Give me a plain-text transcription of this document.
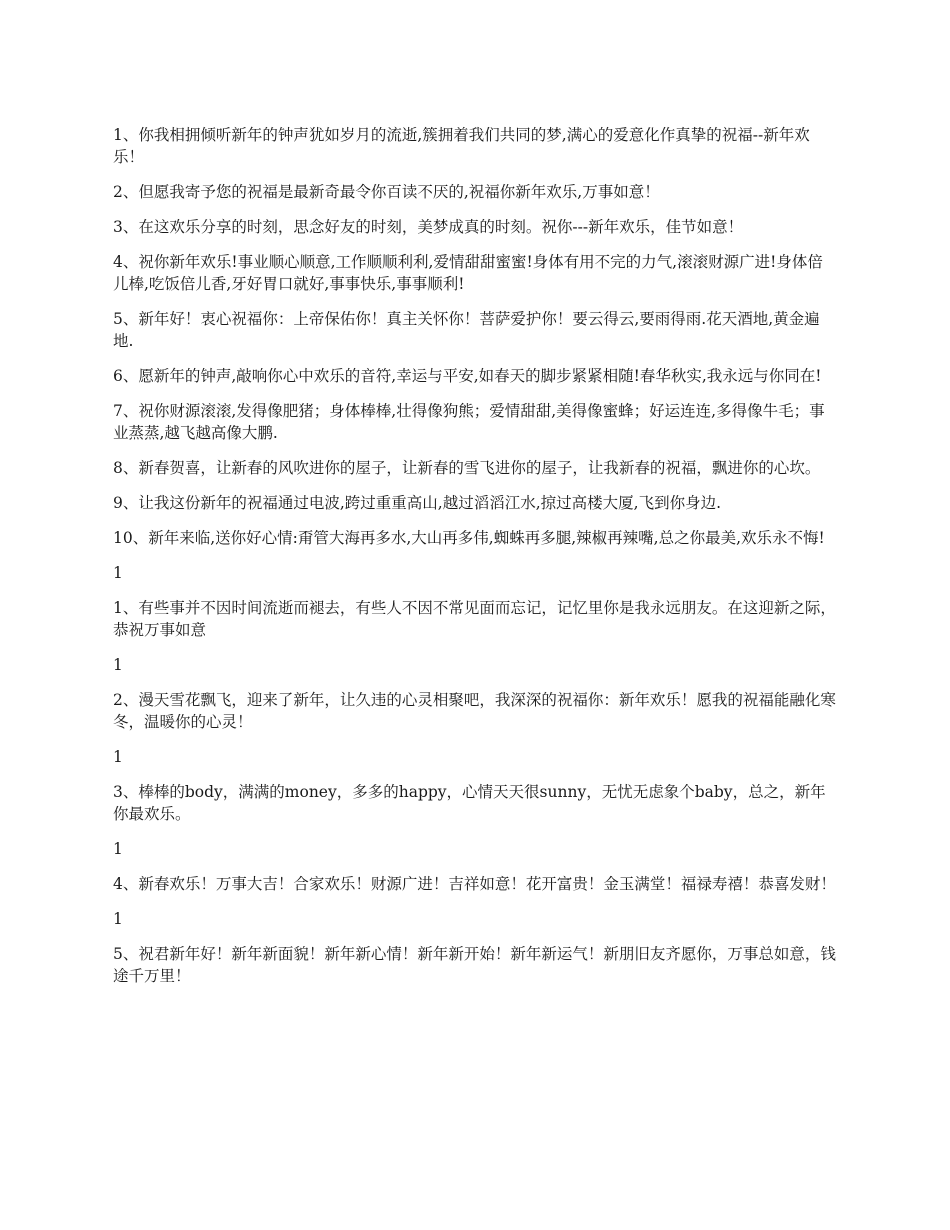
1、你我相拥倾听新年的钟声犹如岁月的流逝,簇拥着我们共同的梦,满心的爱意化作真挚的祝福--新年欢乐！

2、但愿我寄予您的祝福是最新奇最令你百读不厌的,祝福你新年欢乐,万事如意！

3、在这欢乐分享的时刻，思念好友的时刻，美梦成真的时刻。祝你---新年欢乐，佳节如意！

4、祝你新年欢乐!事业顺心顺意,工作顺顺利利,爱情甜甜蜜蜜!身体有用不完的力气,滚滚财源广进!身体倍儿棒,吃饭倍儿香,牙好胃口就好,事事快乐,事事顺利!

5、新年好！衷心祝福你：上帝保佑你！真主关怀你！菩萨爱护你！要云得云,要雨得雨.花天酒地,黄金遍地.

6、愿新年的钟声,敲响你心中欢乐的音符,幸运与平安,如春天的脚步紧紧相随!春华秋实,我永远与你同在!

7、祝你财源滚滚,发得像肥猪；身体棒棒,壮得像狗熊；爱情甜甜,美得像蜜蜂；好运连连,多得像牛毛；事业蒸蒸,越飞越高像大鹏.

8、新春贺喜，让新春的风吹进你的屋子，让新春的雪飞进你的屋子，让我新春的祝福，飘进你的心坎。

9、让我这份新年的祝福通过电波,跨过重重高山,越过滔滔江水,掠过高楼大厦,飞到你身边.

10、新年来临,送你好心情:甭管大海再多水,大山再多伟,蜘蛛再多腿,辣椒再辣嘴,总之你最美,欢乐永不悔!

1

1、有些事并不因时间流逝而褪去，有些人不因不常见面而忘记，记忆里你是我永远朋友。在这迎新之际，恭祝万事如意

1

2、漫天雪花飘飞，迎来了新年，让久违的心灵相聚吧，我深深的祝福你：新年欢乐！愿我的祝福能融化寒冬，温暖你的心灵！

1

3、棒棒的body，满满的money，多多的happy，心情天天很sunny，无忧无虑象个baby，总之，新年你最欢乐。

1

4、新春欢乐！万事大吉！合家欢乐！财源广进！吉祥如意！花开富贵！金玉满堂！福禄寿禧！恭喜发财！

1

5、祝君新年好！新年新面貌！新年新心情！新年新开始！新年新运气！新朋旧友齐愿你，万事总如意，钱途千万里！
